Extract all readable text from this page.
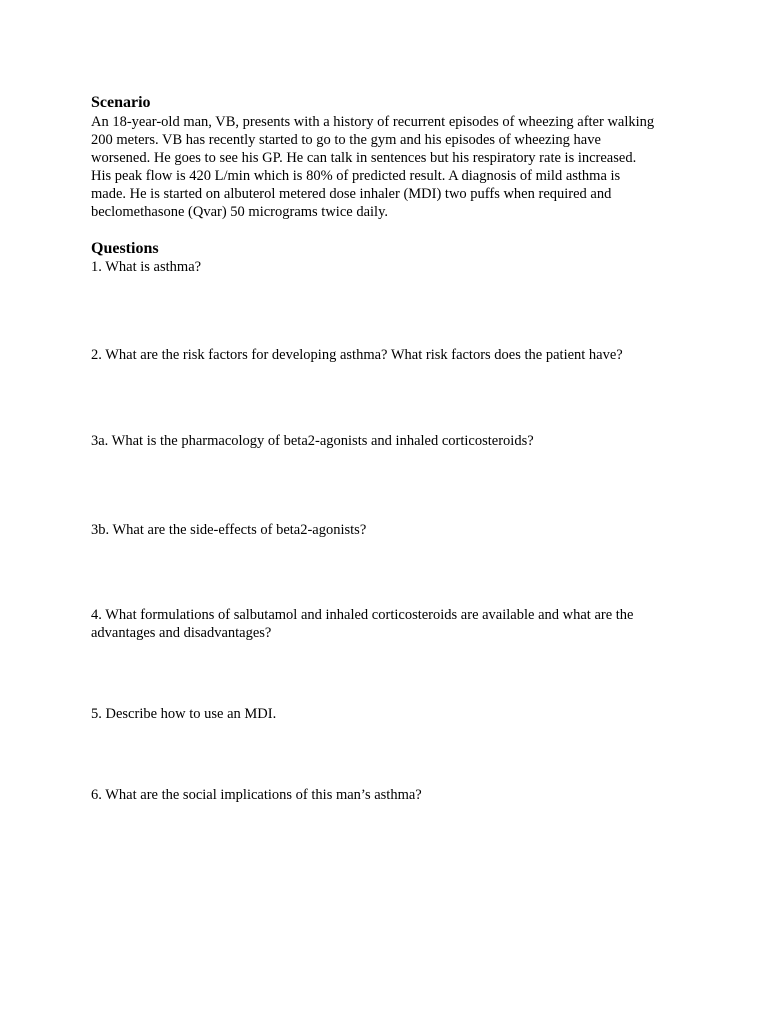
Scenario
An 18-year-old man, VB, presents with a history of recurrent episodes of wheezing after walking
200 meters. VB has recently started to go to the gym and his episodes of wheezing have
worsened. He goes to see his GP. He can talk in sentences but his respiratory rate is increased.
His peak flow is 420 L/min which is 80% of predicted result. A diagnosis of mild asthma is
made. He is started on albuterol metered dose inhaler (MDI) two puffs when required and
beclomethasone (Qvar) 50 micrograms twice daily.
Questions
1. What is asthma?
2. What are the risk factors for developing asthma? What risk factors does the patient have?
3a. What is the pharmacology of beta2-agonists and inhaled corticosteroids?
3b. What are the side-effects of beta2-agonists?
4. What formulations of salbutamol and inhaled corticosteroids are available and what are the
advantages and disadvantages?
5. Describe how to use an MDI.
6. What are the social implications of this man’s asthma?
